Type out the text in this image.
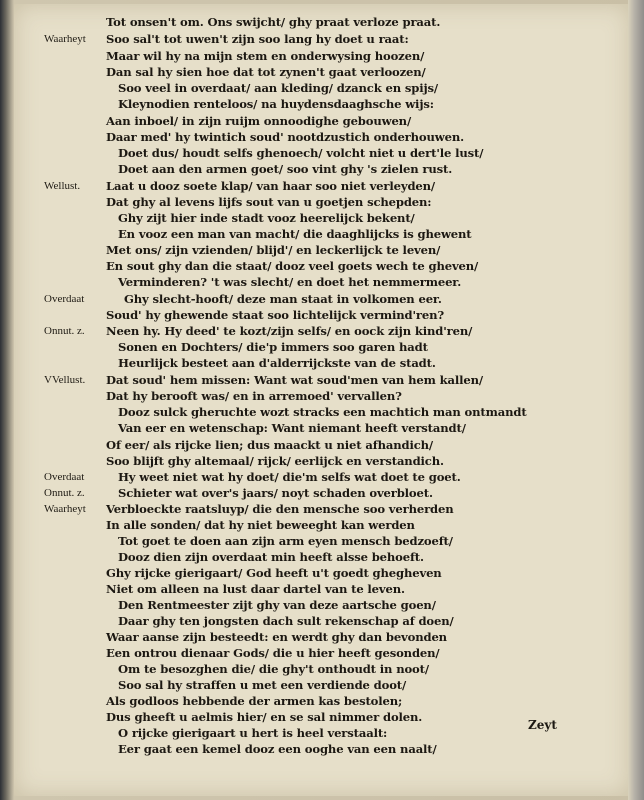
Tot onsen't om. Ons swijcht/ ghy praat verloze praat.
Soo sal't tot uwen't zijn soo lang hy doet u raat:
Maar wil hy na mijn stem en onderwysing hoozen/
Dan sal hy sien hoe dat tot zynen't gaat verloozen/
Soo veel in overdaat/ aan kleding/ dzanck en spijs/
Kleynodien renteloos/ na huydensdaaghsche wijs:
Aan inboel/ in zijn ruijm onnoodighe gebouwen/
Daar med' hy twintich soud' nootdzustich onderhouwen.
Doet dus/ houdt selfs ghenoech/ volcht niet u dert'le lust/
Doet aan den armen goet/ soo vint ghy 's zielen rust.
Laat u dooz soete klap/ van haar soo niet verleyden/
Dat ghy al levens lijfs sout van u goetjen schepden:
Ghy zijt hier inde stadt vooz heerelijck bekent/
En vooz een man van macht/ die daaghlijcks is ghewent
Met ons/ zijn vzienden/ blijd'/ en leckerlijck te leven/
En sout ghy dan die staat/ dooz veel goets wech te gheven/
Verminderen? 't was slecht/ en doet het nemmermeer.
Ghy slecht-hooft/ deze man staat in volkomen eer.
Soud' hy ghewende staat soo lichtelijck vermind'ren?
Neen hy. Hy deed' te kozt/zijn selfs/ en oock zijn kind'ren/
Sonen en Dochters/ die'p immers soo garen hadt
Heurlijck besteet aan d'alderrijckste van de stadt.
Dat soud' hem missen: Want wat soud'men van hem kallen/
Dat hy berooft was/ en in arremoed' vervallen?
Dooz sulck gheruchte wozt stracks een machtich man ontmandt
Van eer en wetenschap: Want niemant heeft verstandt/
Of eer/ als rijcke lien; dus maackt u niet afhandich/
Soo blijft ghy altemaal/ rijck/ eerlijck en verstandich.
Hy weet niet wat hy doet/ die'm selfs wat doet te goet.
Schieter wat over's jaars/ noyt schaden overbloet.
Verbloeckte raatsluyp/ die den mensche soo verherden
In alle sonden/ dat hy niet beweeght kan werden
Tot goet te doen aan zijn arm eyen mensch bedzoeft/
Dooz dien zijn overdaat min heeft alsse behoeft.
Ghy rijcke gierigaart/ God heeft u't goedt ghegheven
Niet om alleen na lust daar dartel van te leven.
Den Rentmeester zijt ghy van deze aartsche goen/
Daar ghy ten jongsten dach sult rekenschap af doen/
Waar aanse zijn besteedt: en werdt ghy dan bevonden
Een ontrou dienaar Gods/ die u hier heeft gesonden/
Om te besozghen die/ die ghy't onthoudt in noot/
Soo sal hy straffen u met een verdiende doot/
Als godloos hebbende der armen kas bestolen;
Dus gheeft u aelmis hier/ en se sal nimmer dolen.
O rijcke gierigaart u hert is heel verstaalt:
Eer gaat een kemel dooz een ooghe van een naalt/
Waarheyt
Wellust.
Overdaat
Onnut. z.
VVellust.
Overdaat
Onnut. z.
Waarheyt
Zeyt
